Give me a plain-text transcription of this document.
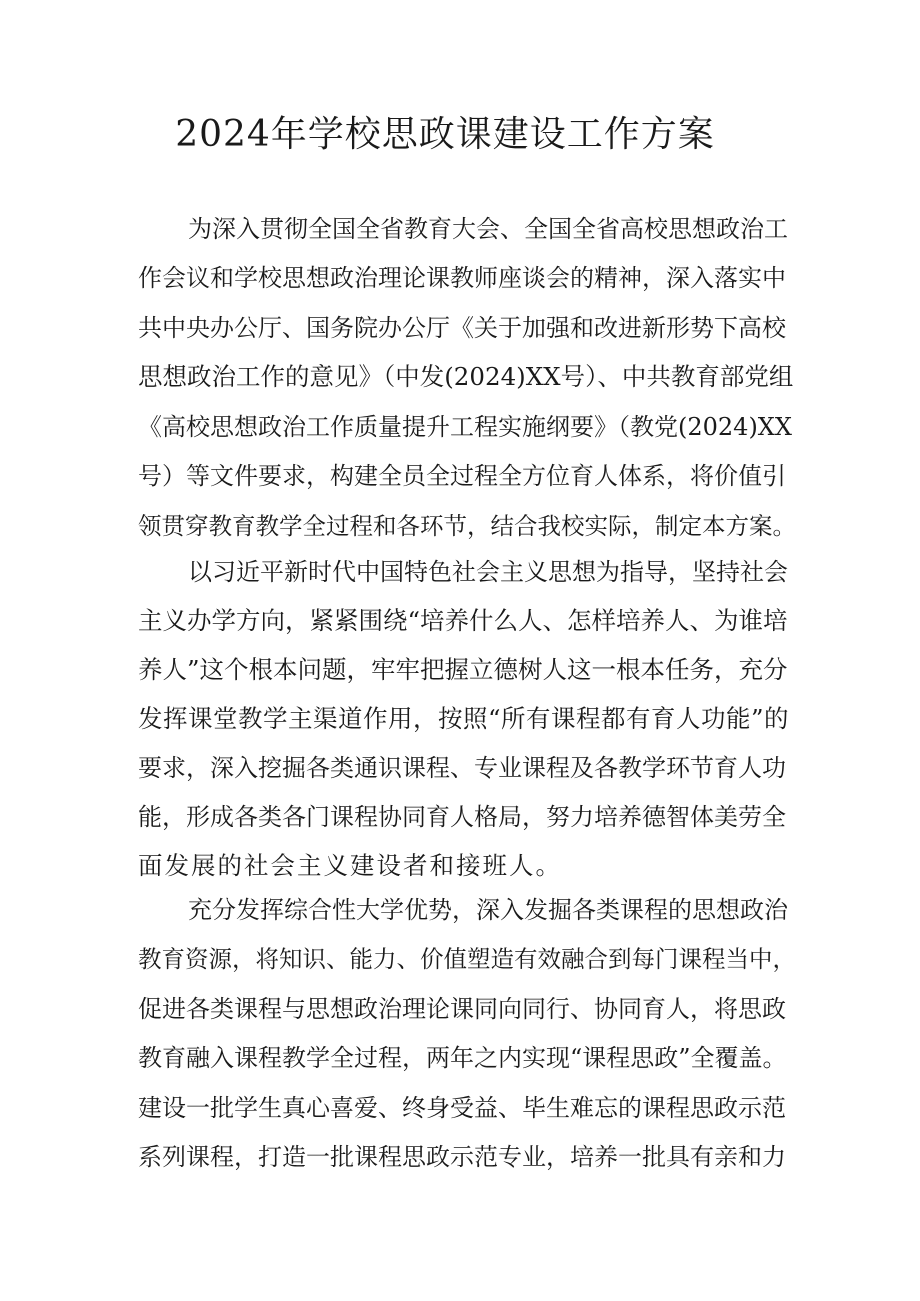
2024年学校思政课建设工作方案
为深入贯彻全国全省教育大会、全国全省高校思想政治工
作会议和学校思想政治理论课教师座谈会的精神，深入落实中
共中央办公厅、国务院办公厅《关于加强和改进新形势下高校
思想政治工作的意见》（中发(2024)XX号）、中共教育部党组
《高校思想政治工作质量提升工程实施纲要》（教党(2024)XX
号）等文件要求，构建全员全过程全方位育人体系，将价值引
领贯穿教育教学全过程和各环节，结合我校实际，制定本方案。
以习近平新时代中国特色社会主义思想为指导，坚持社会
主义办学方向，紧紧围绕“培养什么人、怎样培养人、为谁培
养人”这个根本问题，牢牢把握立德树人这一根本任务，充分
发挥课堂教学主渠道作用，按照“所有课程都有育人功能”的
要求，深入挖掘各类通识课程、专业课程及各教学环节育人功
能，形成各类各门课程协同育人格局，努力培养德智体美劳全
面发展的社会主义建设者和接班人。
充分发挥综合性大学优势，深入发掘各类课程的思想政治
教育资源，将知识、能力、价值塑造有效融合到每门课程当中，
促进各类课程与思想政治理论课同向同行、协同育人，将思政
教育融入课程教学全过程，两年之内实现“课程思政”全覆盖。
建设一批学生真心喜爱、终身受益、毕生难忘的课程思政示范
系列课程，打造一批课程思政示范专业，培养一批具有亲和力
